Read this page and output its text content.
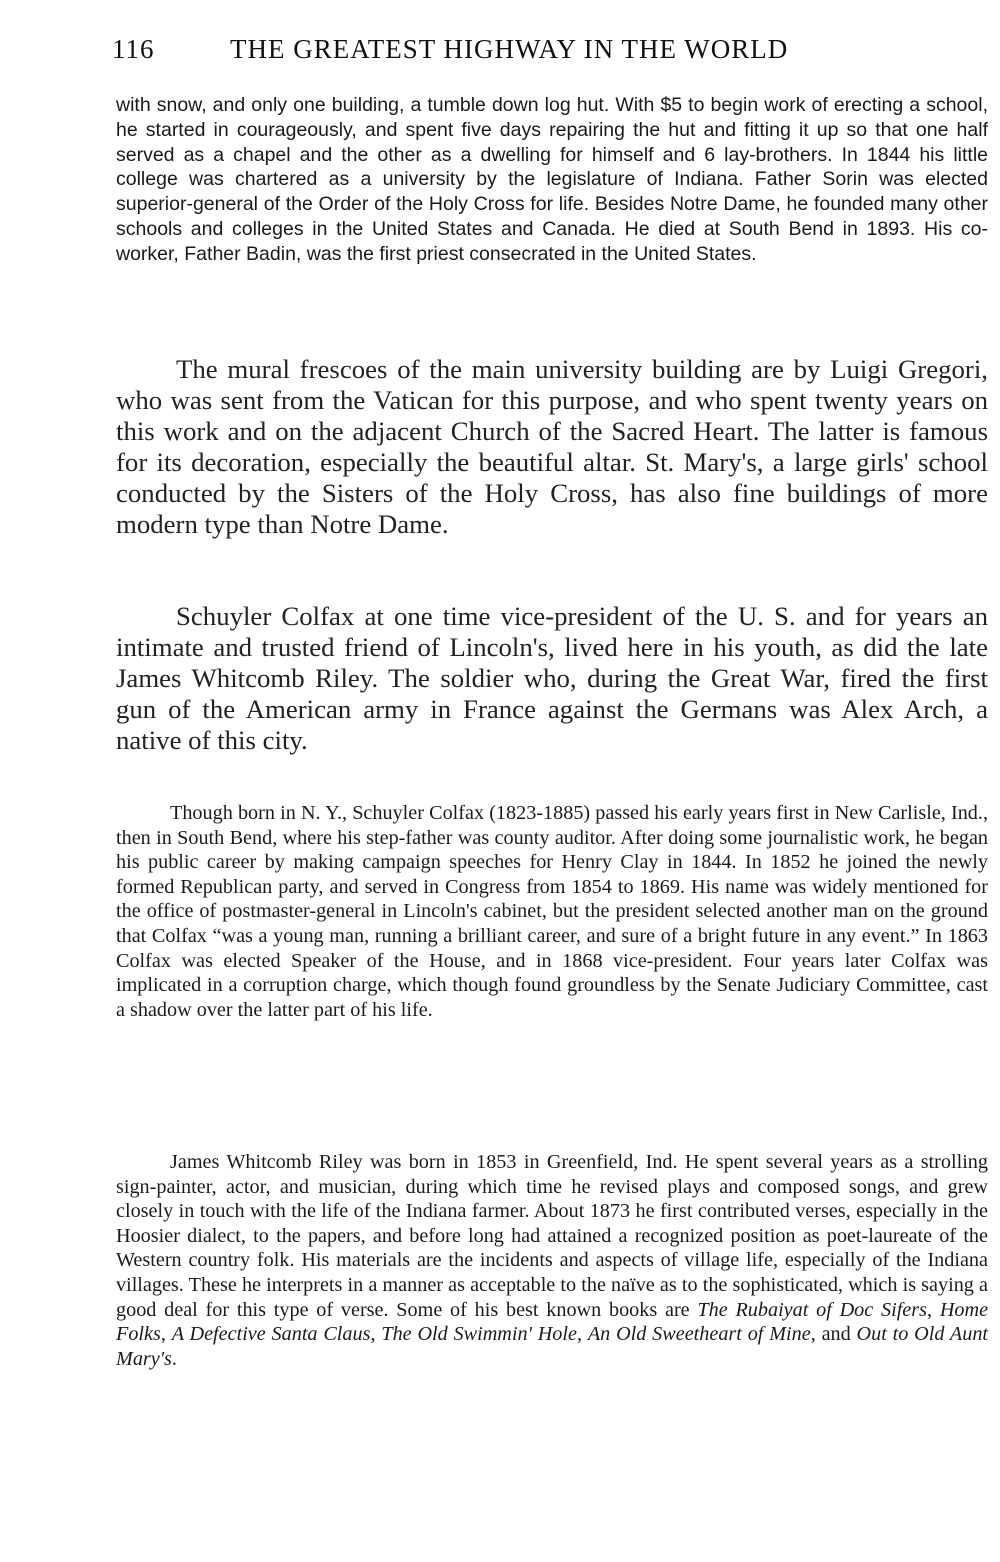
116	THE GREATEST HIGHWAY IN THE WORLD

with snow, and only one building, a tumble down log hut. With $5 to begin work of erecting a school, he started in courageously, and spent five days repairing the hut and fitting it up so that one half served as a chapel and the other as a dwelling for himself and 6 lay-brothers. In 1844 his little college was chartered as a university by the legislature of Indiana. Father Sorin was elected superior-general of the Order of the Holy Cross for life. Besides Notre Dame, he founded many other schools and colleges in the United States and Canada. He died at South Bend in 1893. His co-worker, Father Badin, was the first priest consecrated in the United States.

The mural frescoes of the main university building are by Luigi Gregori, who was sent from the Vatican for this purpose, and who spent twenty years on this work and on the adjacent Church of the Sacred Heart. The latter is famous for its decoration, especially the beautiful altar. St. Mary's, a large girls' school conducted by the Sisters of the Holy Cross, has also fine buildings of more modern type than Notre Dame.

Schuyler Colfax at one time vice-president of the U. S. and for years an intimate and trusted friend of Lincoln's, lived here in his youth, as did the late James Whitcomb Riley. The soldier who, during the Great War, fired the first gun of the American army in France against the Germans was Alex Arch, a native of this city.

Though born in N. Y., Schuyler Colfax (1823-1885) passed his early years first in New Carlisle, Ind., then in South Bend, where his step-father was county auditor. After doing some journalistic work, he began his public career by making campaign speeches for Henry Clay in 1844. In 1852 he joined the newly formed Republican party, and served in Congress from 1854 to 1869. His name was widely mentioned for the office of postmaster-general in Lincoln's cabinet, but the president selected another man on the ground that Colfax “was a young man, running a brilliant career, and sure of a bright future in any event.” In 1863 Colfax was elected Speaker of the House, and in 1868 vice-president. Four years later Colfax was implicated in a corruption charge, which though found groundless by the Senate Judiciary Committee, cast a shadow over the latter part of his life.

James Whitcomb Riley was born in 1853 in Greenfield, Ind. He spent several years as a strolling sign-painter, actor, and musician, during which time he revised plays and composed songs, and grew closely in touch with the life of the Indiana farmer. About 1873 he first contributed verses, especially in the Hoosier dialect, to the papers, and before long had attained a recognized position as poet-laureate of the Western country folk. His materials are the incidents and aspects of village life, especially of the Indiana villages. These he interprets in a manner as acceptable to the naïve as to the sophisticated, which is saying a good deal for this type of verse. Some of his best known books are The Rubaiyat of Doc Sifers, Home Folks, A Defective Santa Claus, The Old Swimmin' Hole, An Old Sweetheart of Mine, and Out to Old Aunt Mary's.
